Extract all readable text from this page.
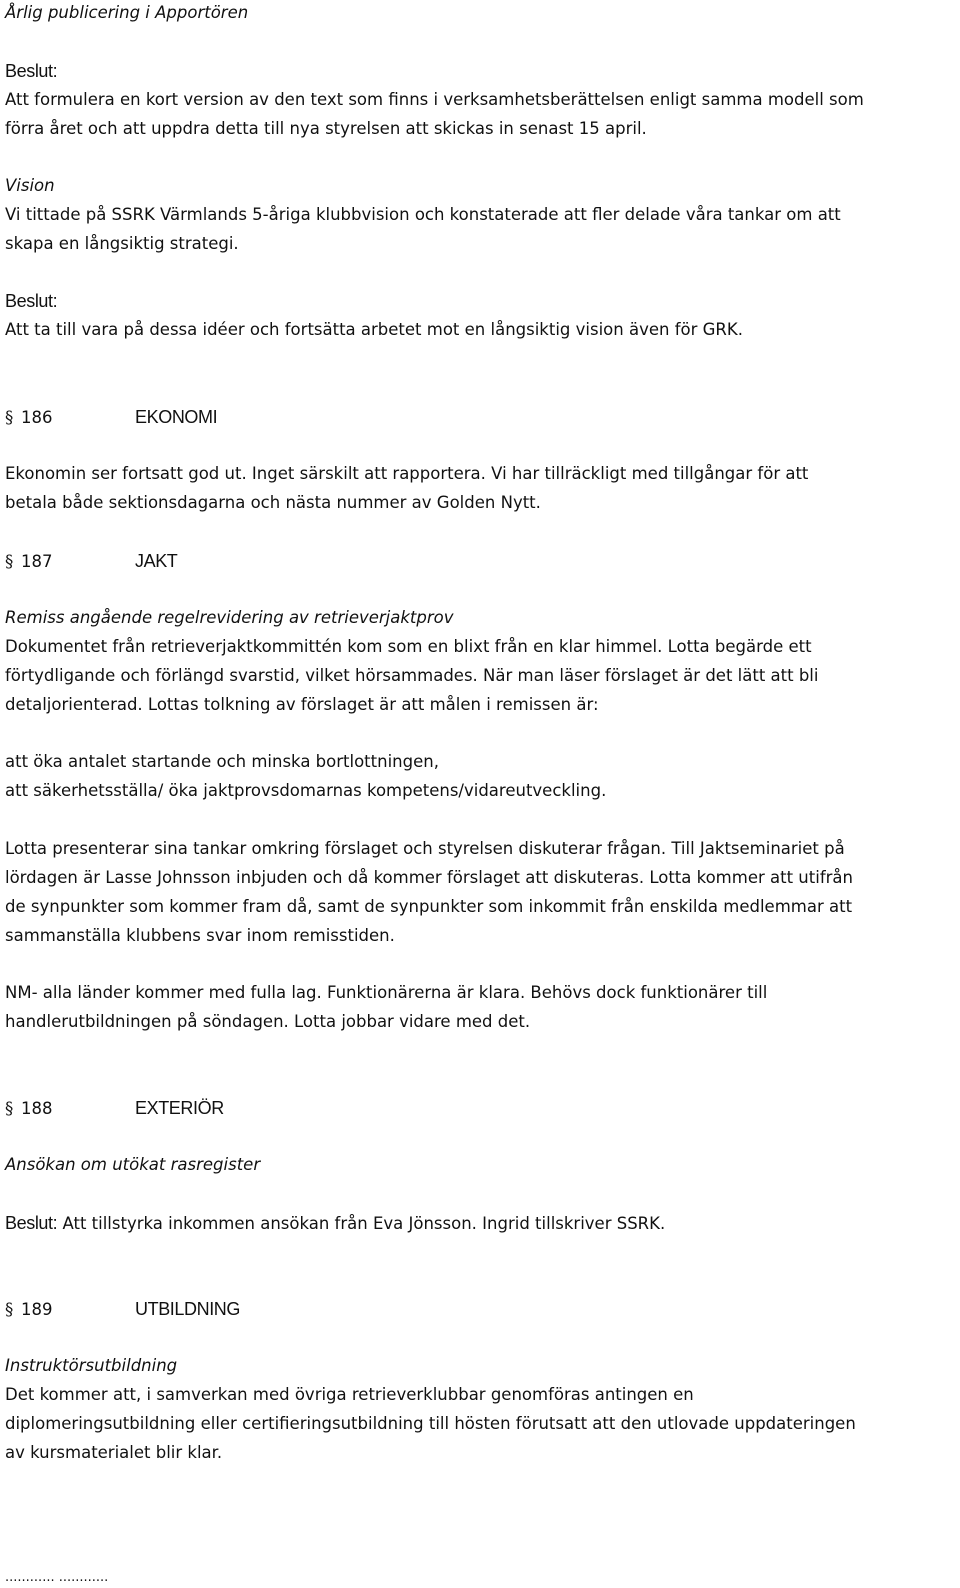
Årlig publicering i Apportören
Beslut:
Att formulera en kort version av den text som finns i verksamhetsberättelsen enligt samma modell som
förra året och att uppdra detta till nya styrelsen att skickas in senast 15 april.
Vision
Vi tittade på SSRK Värmlands 5-åriga klubbvision och konstaterade att fler delade våra tankar om att
skapa en långsiktig strategi.
Beslut:
Att ta till vara på dessa idéer och fortsätta arbetet mot en långsiktig vision även för GRK.
§ 186	EKONOMI
Ekonomin ser fortsatt god ut. Inget särskilt att rapportera. Vi har tillräckligt med tillgångar för att
betala både sektionsdagarna och nästa nummer av Golden Nytt.
§ 187	JAKT
Remiss angående regelrevidering av retrieverjaktprov
Dokumentet från retrieverjaktkommittén kom som en blixt från en klar himmel. Lotta begärde ett
förtydligande och förlängd svarstid, vilket hörsammades. När man läser förslaget är det lätt att bli
detaljorienterad. Lottas tolkning av förslaget är att målen i remissen är:
att öka antalet startande och minska bortlottningen,
att säkerhetsställa/ öka jaktprovsdomarnas kompetens/vidareutveckling.
Lotta presenterar sina tankar omkring förslaget och styrelsen diskuterar frågan. Till Jaktseminariet på
lördagen är Lasse Johnsson inbjuden och då kommer förslaget att diskuteras. Lotta kommer att utifrån
de synpunkter som kommer fram då, samt de synpunkter som inkommit från enskilda medlemmar att
sammanställa klubbens svar inom remisstiden.
NM- alla länder kommer med fulla lag. Funktionärerna är klara. Behövs dock funktionärer till
handlerutbildningen på söndagen. Lotta jobbar vidare med det.
§ 188	EXTERIÖR
Ansökan om utökat rasregister
Beslut: Att tillstyrka inkommen ansökan från Eva Jönsson. Ingrid tillskriver SSRK.
§ 189	UTBILDNING
Instruktörsutbildning
Det kommer att, i samverkan med övriga retrieverklubbar genomföras antingen en
diplomeringsutbildning eller certifieringsutbildning till hösten förutsatt att den utlovade uppdateringen
av kursmaterialet blir klar.
............ ............
